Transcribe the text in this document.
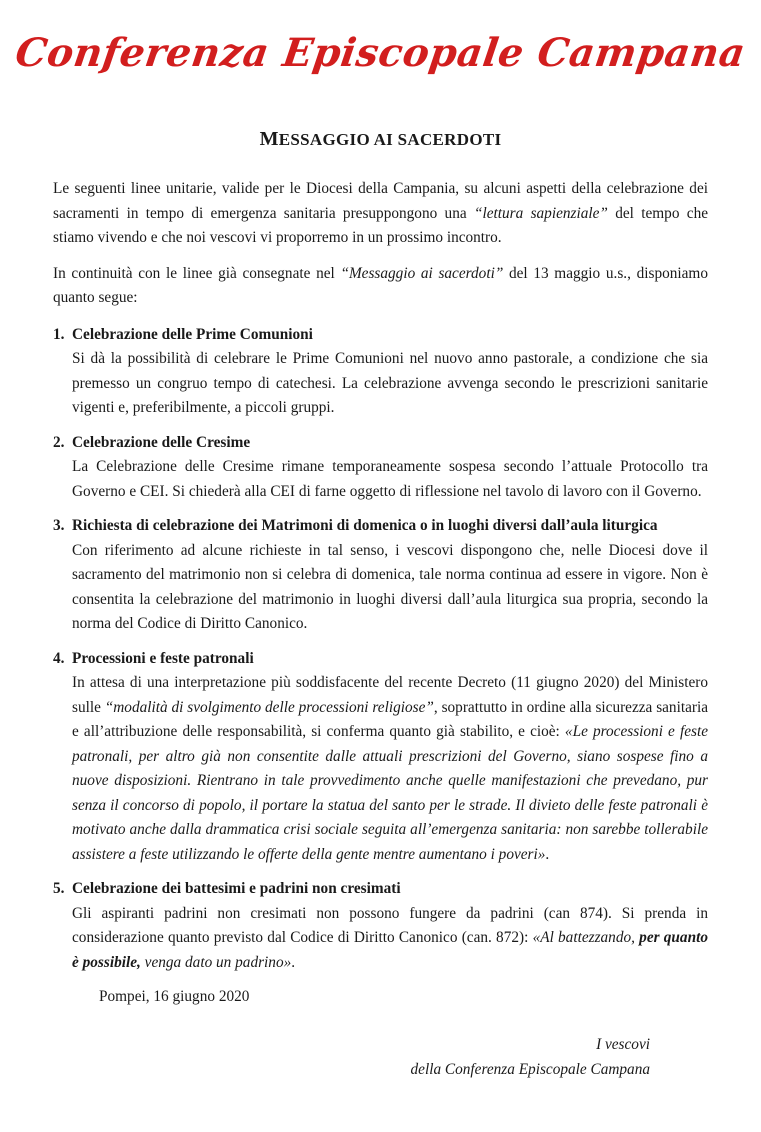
Conferenza Episcopale Campana
MESSAGGIO AI SACERDOTI

Le seguenti linee unitarie, valide per le Diocesi della Campania, su alcuni aspetti della celebrazione dei sacramenti in tempo di emergenza sanitaria presuppongono una “lettura sapienziale” del tempo che stiamo vivendo e che noi vescovi vi proporremo in un prossimo incontro.

In continuità con le linee già consegnate nel “Messaggio ai sacerdoti” del 13 maggio u.s., disponiamo quanto segue:

1. Celebrazione delle Prime Comunioni

Si dà la possibilità di celebrare le Prime Comunioni nel nuovo anno pastorale, a condizione che sia premesso un congruo tempo di catechesi. La celebrazione avvenga secondo le prescrizioni sanitarie vigenti e, preferibilmente, a piccoli gruppi.

2. Celebrazione delle Cresime

La Celebrazione delle Cresime rimane temporaneamente sospesa secondo l’attuale Protocollo tra Governo e CEI. Si chiederà alla CEI di farne oggetto di riflessione nel tavolo di lavoro con il Governo.

3. Richiesta di celebrazione dei Matrimoni di domenica o in luoghi diversi dall’aula liturgica

Con riferimento ad alcune richieste in tal senso, i vescovi dispongono che, nelle Diocesi dove il sacramento del matrimonio non si celebra di domenica, tale norma continua ad essere in vigore. Non è consentita la celebrazione del matrimonio in luoghi diversi dall’aula liturgica sua propria, secondo la norma del Codice di Diritto Canonico.

4. Processioni e feste patronali

In attesa di una interpretazione più soddisfacente del recente Decreto (11 giugno 2020) del Ministero sulle “modalità di svolgimento delle processioni religiose”, soprattutto in ordine alla sicurezza sanitaria e all’attribuzione delle responsabilità, si conferma quanto già stabilito, e cioè: «Le processioni e feste patronali, per altro già non consentite dalle attuali prescrizioni del Governo, siano sospese fino a nuove disposizioni. Rientrano in tale provvedimento anche quelle manifestazioni che prevedano, pur senza il concorso di popolo, il portare la statua del santo per le strade. Il divieto delle feste patronali è motivato anche dalla drammatica crisi sociale seguita all’emergenza sanitaria: non sarebbe tollerabile assistere a feste utilizzando le offerte della gente mentre aumentano i poveri».

5. Celebrazione dei battesimi e padrini non cresimati

Gli aspiranti padrini non cresimati non possono fungere da padrini (can 874). Si prenda in considerazione quanto previsto dal Codice di Diritto Canonico (can. 872): «Al battezzando, per quanto è possibile, venga dato un padrino».

Pompei, 16 giugno 2020

I vescovi
della Conferenza Episcopale Campana
